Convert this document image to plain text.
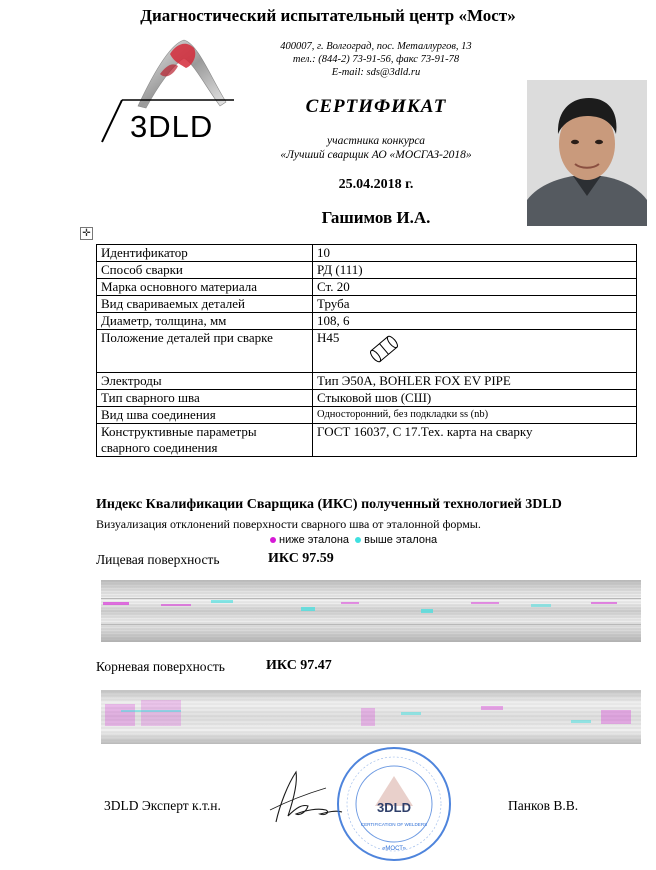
Диагностический испытательный центр «Мост»
3DLD
400007, г. Волгоград, пос. Металлургов, 13
тел.: (844-2) 73-91-56, факс 73-91-78
E-mail: sds@3dld.ru
СЕРТИФИКАТ
участника конкурса
«Лучший сварщик АО «МОСГАЗ-2018»
25.04.2018 г.
Гашимов И.А.
✛
Идентификатор	10
Способ сварки	РД (111)
Марка основного материала	Ст. 20
Вид свариваемых деталей	Труба
Диаметр, толщина, мм	108, 6
Положение деталей при сварке	Н45
Электроды	Тип Э50А, BOHLER FOX EV PIPE
Тип сварного шва	Стыковой шов (СШ)
Вид шва соединения	Односторонний, без подкладки ss (nb)
Конструктивные параметры сварного соединения	ГОСТ 16037, С 17.Тех. карта на сварку
Индекс Квалификации Сварщика (ИКС) полученный технологией 3DLD
Визуализация отклонений поверхности сварного шва от эталонной формы.
ниже эталона выше эталона
Лицевая поверхность	ИКС 97.59
Корневая поверхность	ИКС 97.47
3DLD Эксперт к.т.н.	3DLD
CERTIFICATION OF WELDERS
«МОСТ»
Панков В.В.
